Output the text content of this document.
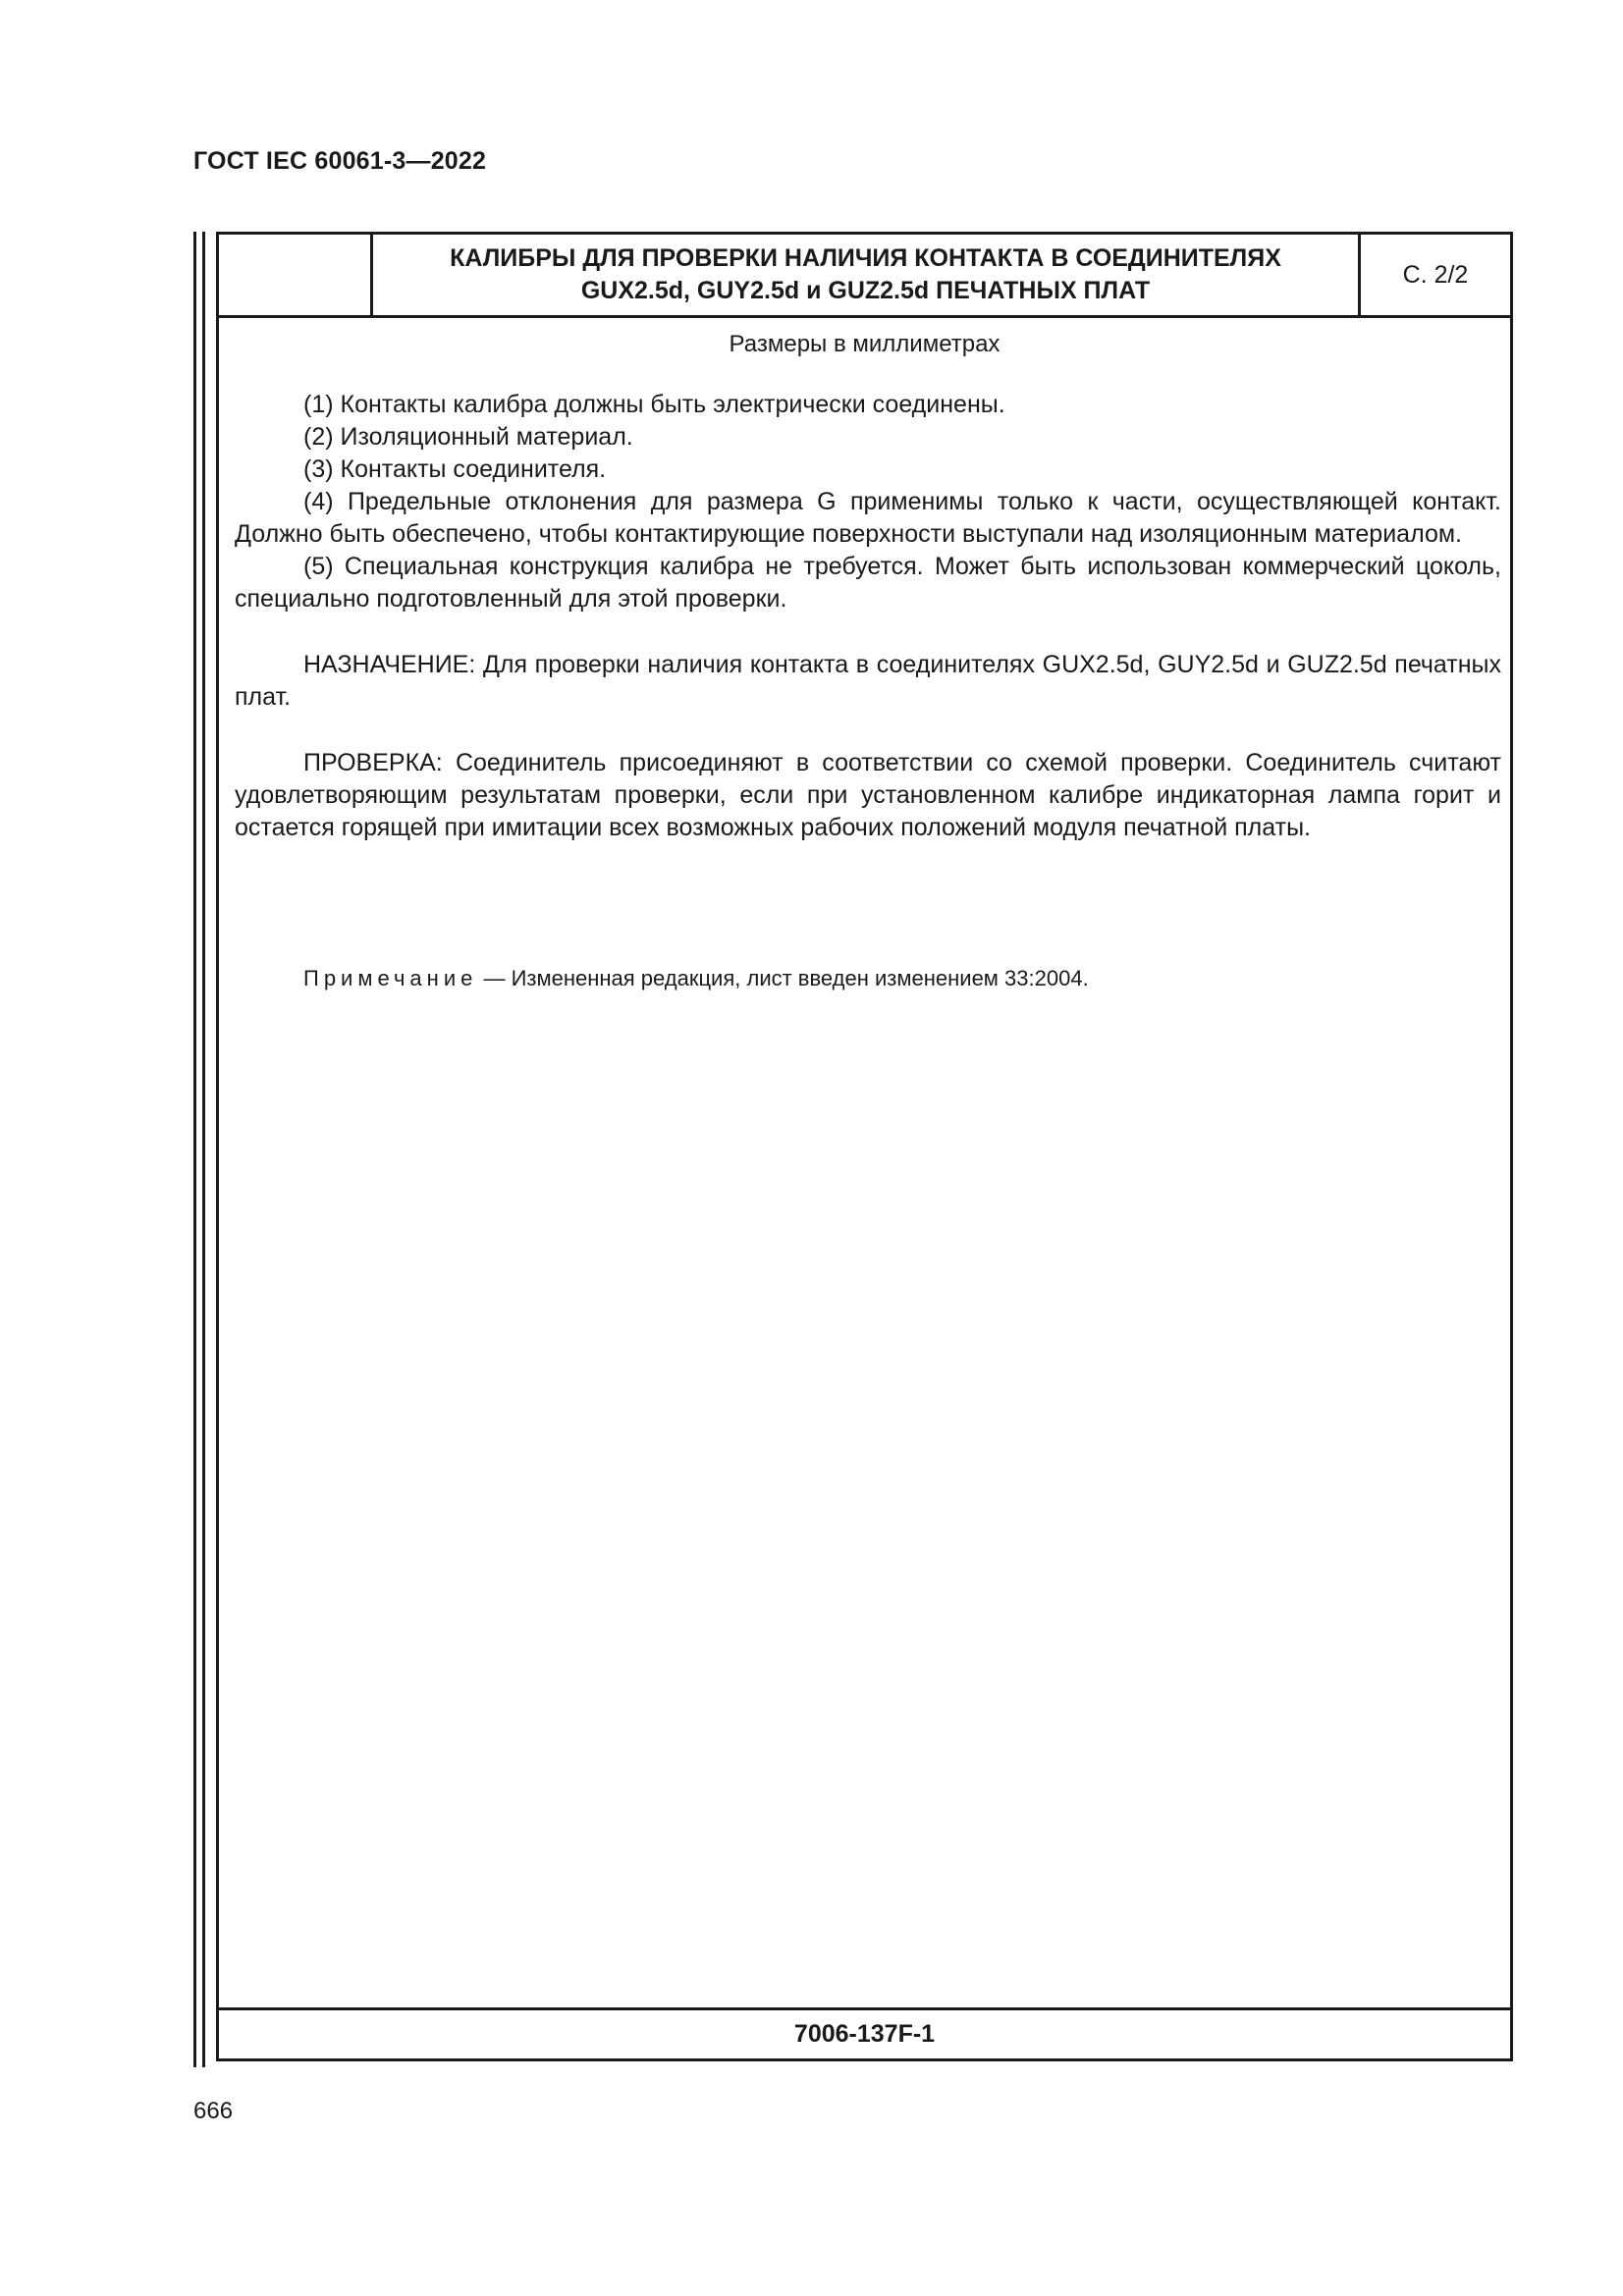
ГОСТ IEC 60061-3—2022
КАЛИБРЫ ДЛЯ ПРОВЕРКИ НАЛИЧИЯ КОНТАКТА В СОЕДИНИТЕЛЯХ
GUX2.5d, GUY2.5d и GUZ2.5d ПЕЧАТНЫХ ПЛАТ
С. 2/2
Размеры в миллиметрах

(1) Контакты калибра должны быть электрически соединены.

(2) Изоляционный материал.

(3) Контакты соединителя.

(4) Предельные отклонения для размера G применимы только к части, осуществляющей контакт. Должно быть обеспечено, чтобы контактирующие поверхности выступали над изоляционным материалом.

(5) Специальная конструкция калибра не требуется. Может быть использован коммерческий цоколь, специально подготовленный для этой проверки.

НАЗНАЧЕНИЕ: Для проверки наличия контакта в соединителях GUX2.5d, GUY2.5d и GUZ2.5d печатных плат.

ПРОВЕРКА: Соединитель присоединяют в соответствии со схемой проверки. Соединитель считают удовлетворяющим результатам проверки, если при установленном калибре индикаторная лампа горит и остается горящей при имитации всех возможных рабочих положений модуля печатной платы.

Примечание — Измененная редакция, лист введен изменением 33:2004.
7006-137F-1
666
